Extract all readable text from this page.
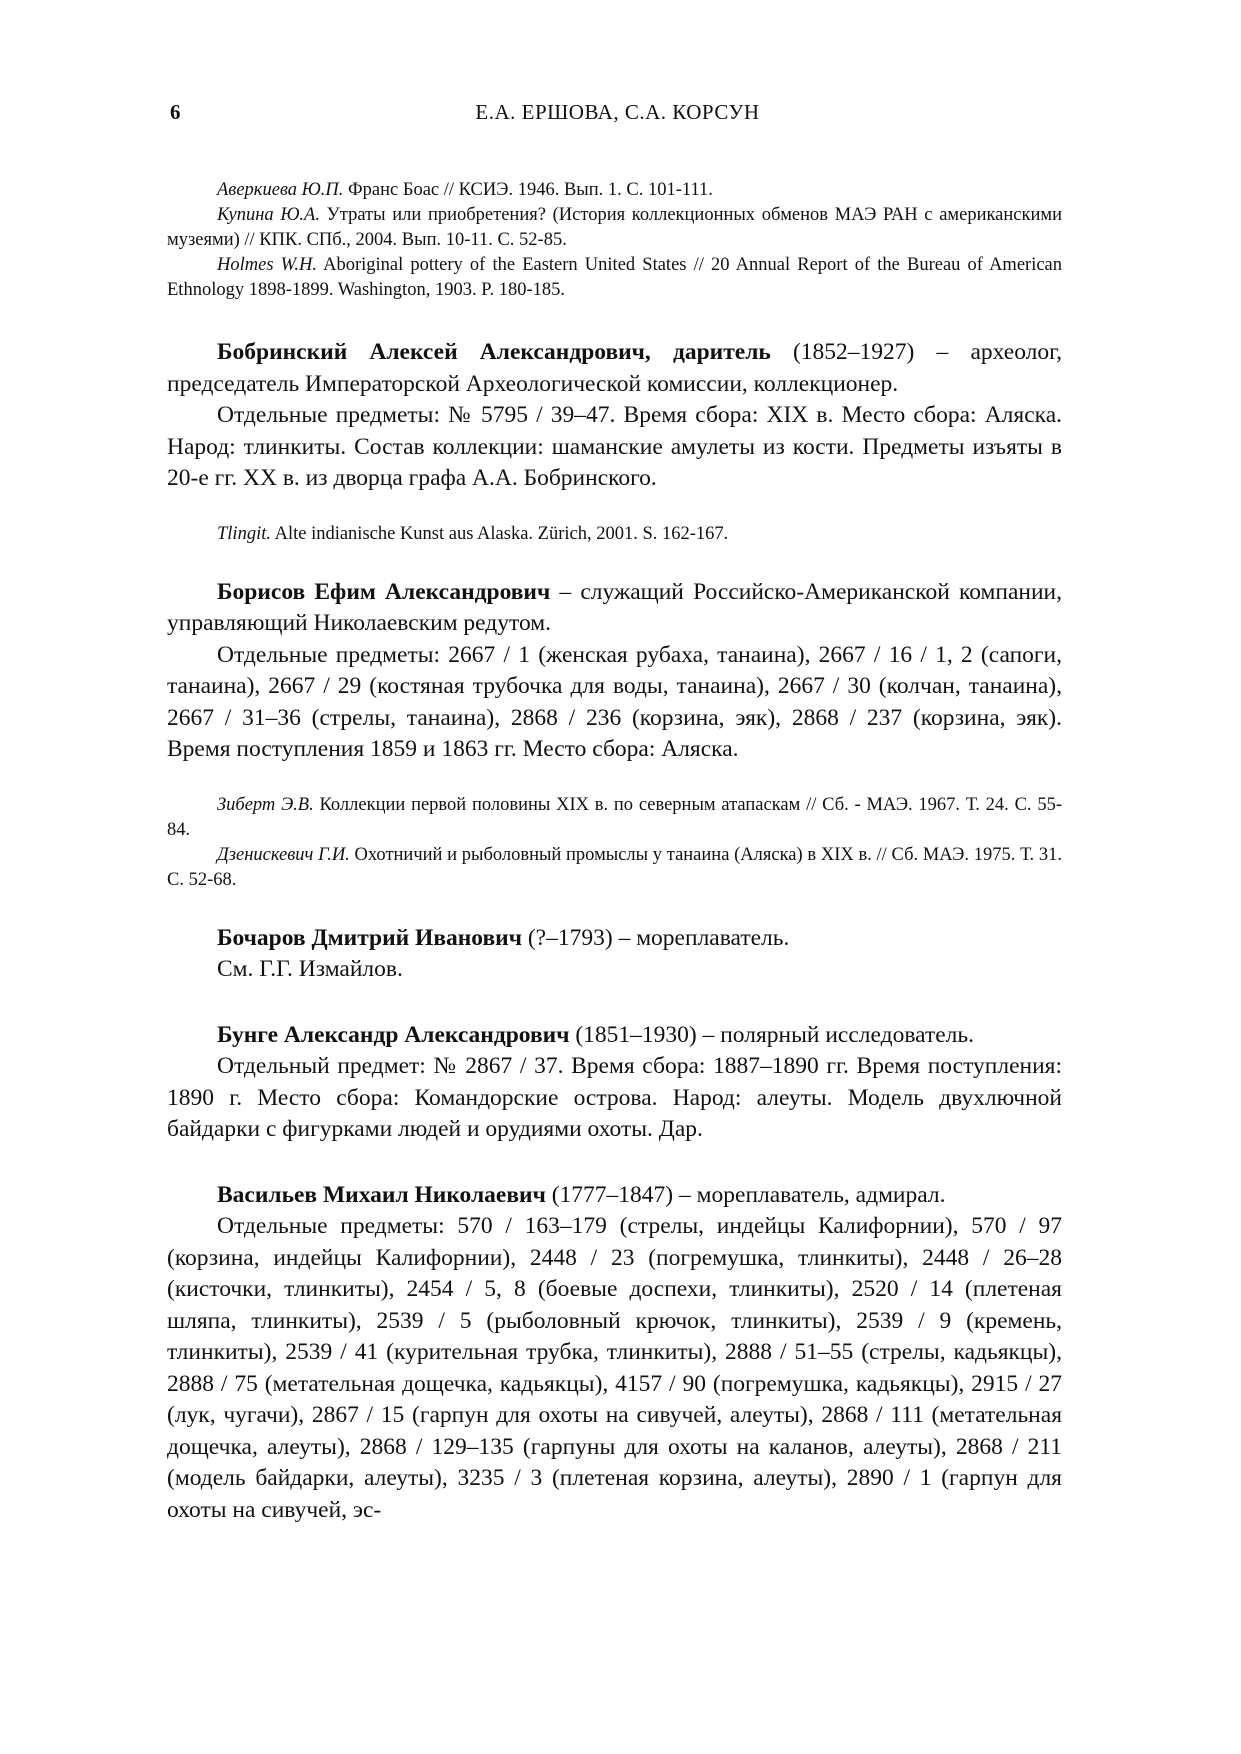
6	Е.А. ЕРШОВА, С.А. КОРСУН

Аверкиева Ю.П. Франс Боас // КСИЭ. 1946. Вып. 1. С. 101-111.

Купина Ю.А. Утраты или приобретения? (История коллекционных обменов МАЭ РАН с американскими музеями) // КПК. СПб., 2004. Вып. 10-11. С. 52-85.

Holmes W.H. Aboriginal pottery of the Eastern United States // 20 Annual Report of the Bureau of American Ethnology 1898-1899. Washington, 1903. P. 180-185.

Бобринский Алексей Александрович, даритель (1852–1927) – археолог, председатель Императорской Археологической комиссии, коллекционер.

Отдельные предметы: № 5795 / 39–47. Время сбора: XIX в. Место сбора: Аляска. Народ: тлинкиты. Состав коллекции: шаманские амулеты из кости. Предметы изъяты в 20-е гг. XX в. из дворца графа А.А. Бобринского.

Tlingit. Alte indianische Kunst aus Alaska. Zürich, 2001. S. 162-167.

Борисов Ефим Александрович – служащий Российско-Американской компании, управляющий Николаевским редутом.

Отдельные предметы: 2667 / 1 (женская рубаха, танаина), 2667 / 16 / 1, 2 (сапоги, танаина), 2667 / 29 (костяная трубочка для воды, танаина), 2667 / 30 (колчан, танаина), 2667 / 31–36 (стрелы, танаина), 2868 / 236 (корзина, эяк), 2868 / 237 (корзина, эяк). Время поступления 1859 и 1863 гг. Место сбора: Аляска.

Зиберт Э.В. Коллекции первой половины XIX в. по северным атапаскам // Сб. - МАЭ. 1967. Т. 24. С. 55-84.

Дзенискевич Г.И. Охотничий и рыболовный промыслы у танаина (Аляска) в XIX в. // Сб. МАЭ. 1975. Т. 31. С. 52-68.

Бочаров Дмитрий Иванович (?–1793) – мореплаватель.

См. Г.Г. Измайлов.

Бунге Александр Александрович (1851–1930) – полярный исследователь.

Отдельный предмет: № 2867 / 37. Время сбора: 1887–1890 гг. Время поступления: 1890 г. Место сбора: Командорские острова. Народ: алеуты. Модель двухлючной байдарки с фигурками людей и орудиями охоты. Дар.

Васильев Михаил Николаевич (1777–1847) – мореплаватель, адмирал.

Отдельные предметы: 570 / 163–179 (стрелы, индейцы Калифорнии), 570 / 97 (корзина, индейцы Калифорнии), 2448 / 23 (погремушка, тлинкиты), 2448 / 26–28 (кисточки, тлинкиты), 2454 / 5, 8 (боевые доспехи, тлинкиты), 2520 / 14 (плетеная шляпа, тлинкиты), 2539 / 5 (рыболовный крючок, тлинкиты), 2539 / 9 (кремень, тлинкиты), 2539 / 41 (курительная трубка, тлинкиты), 2888 / 51–55 (стрелы, кадьякцы), 2888 / 75 (метательная дощечка, кадьякцы), 4157 / 90 (погремушка, кадьякцы), 2915 / 27 (лук, чугачи), 2867 / 15 (гарпун для охоты на сивучей, алеуты), 2868 / 111 (метательная дощечка, алеуты), 2868 / 129–135 (гарпуны для охоты на каланов, алеуты), 2868 / 211 (модель байдарки, алеуты), 3235 / 3 (плетеная корзина, алеуты), 2890 / 1 (гарпун для охоты на сивучей, эс-
